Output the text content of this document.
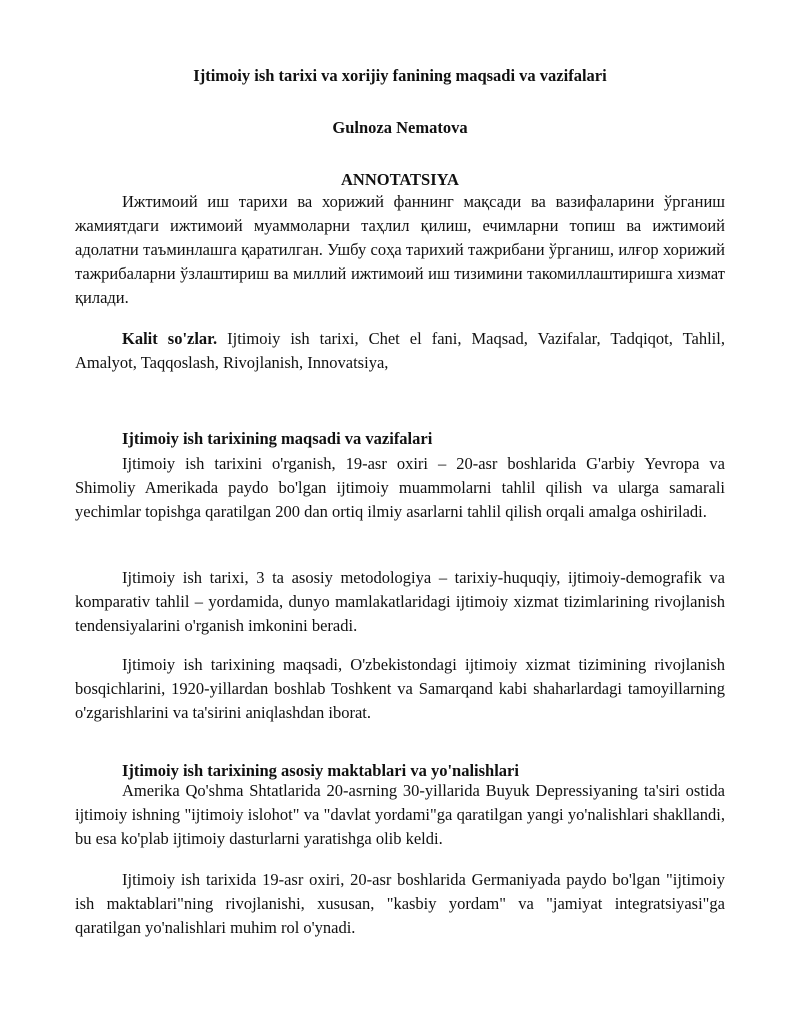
Ijtimoiy ish tarixi va xorijiy fanining maqsadi va vazifalari

Gulnoza Nematova

ANNOTATSIYA

Ижтимоий иш тарихи ва хорижий фаннинг мақсади ва вазифаларини ўрганиш жамиятдаги ижтимоий муаммоларни таҳлил қилиш, ечимларни топиш ва ижтимоий адолатни таъминлашга қаратилган. Ушбу соҳа тарихий тажрибани ўрганиш, илғор хорижий тажрибаларни ўзлаштириш ва миллий ижтимоий иш тизимини такомиллаштиришга хизмат қилади.

Kalit so'zlar. Ijtimoiy ish tarixi, Chet el fani, Maqsad, Vazifalar, Tadqiqot, Tahlil, Amalyot, Taqqoslash, Rivojlanish, Innovatsiya,

Ijtimoiy ish tarixining maqsadi va vazifalari

Ijtimoiy ish tarixini o'rganish, 19-asr oxiri – 20-asr boshlarida G'arbiy Yevropa va Shimoliy Amerikada paydo bo'lgan ijtimoiy muammolarni tahlil qilish va ularga samarali yechimlar topishga qaratilgan 200 dan ortiq ilmiy asarlarni tahlil qilish orqali amalga oshiriladi.

Ijtimoiy ish tarixi, 3 ta asosiy metodologiya – tarixiy-huquqiy, ijtimoiy-demografik va komparativ tahlil – yordamida, dunyo mamlakatlaridagi ijtimoiy xizmat tizimlarining rivojlanish tendensiyalarini o'rganish imkonini beradi.

Ijtimoiy ish tarixining maqsadi, O'zbekistondagi ijtimoiy xizmat tizimining rivojlanish bosqichlarini, 1920-yillardan boshlab Toshkent va Samarqand kabi shaharlardagi tamoyillarning o'zgarishlarini va ta'sirini aniqlashdan iborat.

Ijtimoiy ish tarixining asosiy maktablari va yo'nalishlari

Amerika Qo'shma Shtatlarida 20-asrning 30-yillarida Buyuk Depressiyaning ta'siri ostida ijtimoiy ishning "ijtimoiy islohot" va "davlat yordami"ga qaratilgan yangi yo'nalishlari shakllandi, bu esa ko'plab ijtimoiy dasturlarni yaratishga olib keldi.

Ijtimoiy ish tarixida 19-asr oxiri, 20-asr boshlarida Germaniyada paydo bo'lgan "ijtimoiy ish maktablari"ning rivojlanishi, xususan, "kasbiy yordam" va "jamiyat integratsiyasi"ga qaratilgan yo'nalishlari muhim rol o'ynadi.
